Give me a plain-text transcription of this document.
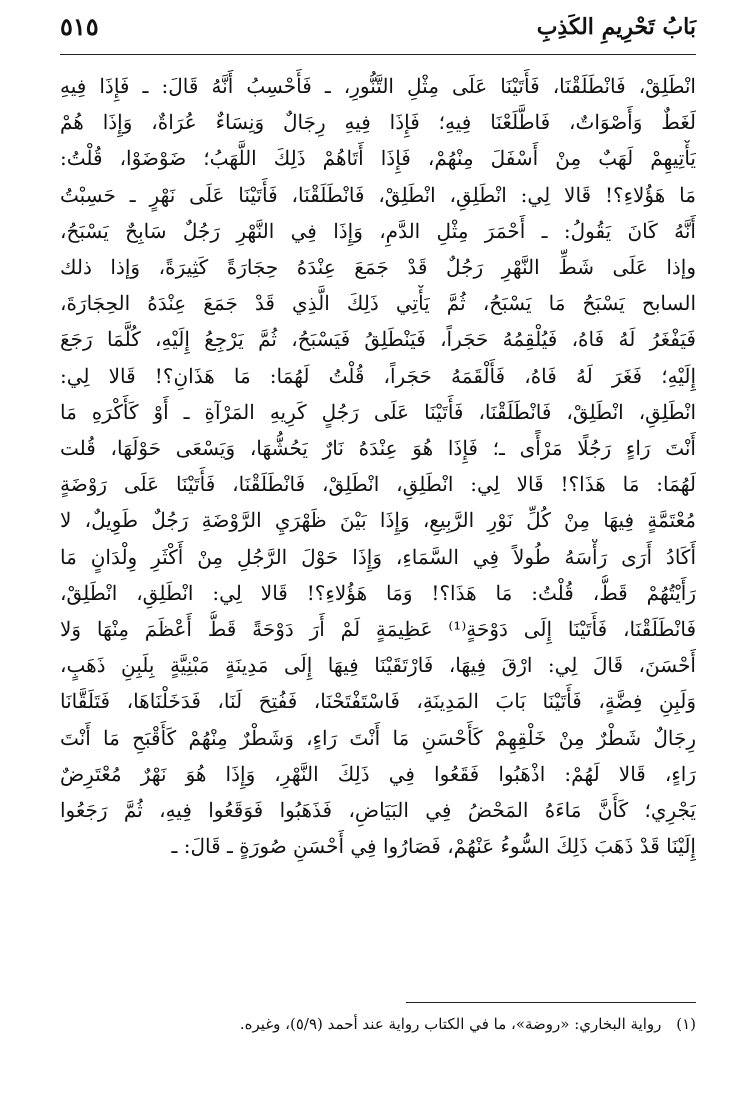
٥١٥	بَابُ تَحْرِيمِ الكَذِبِ
انْطَلِقْ، فَانْطَلَقْنَا، فَأَتَيْنَا عَلَى مِثْلِ التَّنُّورِ، ـ فَأَحْسِبُ أَنَّهُ قَالَ: ـ فَإِذَا فِيهِ
لَغَطٌ وَأَصْوَاتٌ، فَاطَّلَعْنَا فِيهِ؛ فَإِذَا فِيهِ رِجَالٌ وَنِسَاءٌ عُرَاةٌ، وَإِذَا هُمْ
يَأْتِيهِمْ لَهَبٌ مِنْ أَسْفَلَ مِنْهُمْ، فَإِذَا أَتَاهُمْ ذَلِكَ اللَّهَبُ؛ ضَوْضَوْا، قُلْتُ:
مَا هَؤُلاءِ؟! قَالا لِي: انْطَلِقِ، انْطَلِقْ، فَانْطَلَقْنَا، فَأَتَيْنَا عَلَى نَهْرٍ ـ حَسِبْتُ
أَنَّهُ كَانَ يَقُولُ: ـ أَحْمَرَ مِثْلِ الدَّمِ، وَإِذَا فِي النَّهْرِ رَجُلٌ سَابِحٌ يَسْبَحُ،
وإذا عَلَى شَطِّ النَّهْرِ رَجُلٌ قَدْ جَمَعَ عِنْدَهُ حِجَارَةً كَثِيرَةً، وَإذا ذلك
السابح يَسْبَحُ مَا يَسْبَحُ، ثُمَّ يَأْتِي ذَلِكَ الَّذِي قَدْ جَمَعَ عِنْدَهُ الحِجَارَةَ،
فَيَفْغَرُ لَهُ فَاهُ، فَيُلْقِمُهُ حَجَراً، فَيَنْطَلِقُ فَيَسْبَحُ، ثُمَّ يَرْجِعُ إِلَيْهِ، كُلَّمَا رَجَعَ
إِلَيْهِ؛ فَغَرَ لَهُ فَاهُ، فَأَلْقَمَهُ حَجَراً، قُلْتُ لَهُمَا: مَا هَذَانِ؟! قَالا لِي:
انْطَلِقِ، انْطَلِقْ، فَانْطَلَقْنَا، فَأَتَيْنَا عَلَى رَجُلٍ كَرِيهِ المَرْآةِ ـ أَوْ كَأَكْرَهِ مَا
أَنْتَ رَاءٍ رَجُلًا مَرْأًى ـ؛ فَإِذَا هُوَ عِنْدَهُ نَارٌ يَحُشُّهَا، وَيَسْعَى حَوْلَهَا، قُلت
لَهُمَا: مَا هَذَا؟! قَالا لِي: انْطَلِقِ، انْطَلِقْ، فَانْطَلَقْنَا، فَأَتَيْنَا عَلَى رَوْضَةٍ
مُعْتَمَّةٍ فِيهَا مِنْ كُلِّ نَوْرِ الرَّبِيعِ، وَإِذَا بَيْنَ ظَهْرَيِ الرَّوْضَةِ رَجُلٌ طَوِيلٌ، لا
أَكَادُ أَرَى رَأْسَهُ طُولاً فِي السَّمَاءِ، وَإِذَا حَوْلَ الرَّجُلِ مِنْ أَكْثَرِ وِلْدَانٍ مَا
رَأَيْتُهُمْ قَطُّ، قُلْتُ: مَا هَذَا؟! وَمَا هَؤُلاءِ؟! قَالا لِي: انْطَلِقِ، انْطَلِقْ،
فَانْطَلَقْنَا، فَأَتَيْنَا إِلَى دَوْحَةٍ⁽¹⁾ عَظِيمَةٍ لَمْ أَرَ دَوْحَةً قَطُّ أَعْظَمَ مِنْهَا وَلا
أَحْسَنَ، قَالَ لِي: ارْقَ فِيهَا، فَارْتَقَيْنَا فِيهَا إِلَى مَدِينَةٍ مَبْنِيَّةٍ بِلَبِنِ ذَهَبٍ،
وَلَبِنِ فِضَّةٍ، فَأَتَيْنَا بَابَ المَدِينَةِ، فَاسْتَفْتَحْنَا، فَفُتِحَ لَنَا، فَدَخَلْنَاهَا، فَتَلَقَّانَا
رِجَالٌ شَطْرٌ مِنْ خَلْقِهِمْ كَأَحْسَنِ مَا أَنْتَ رَاءٍ، وَشَطْرٌ مِنْهُمْ كَأَقْبَحِ مَا أَنْتَ
رَاءٍ، قَالا لَهُمْ: اذْهَبُوا فَقَعُوا فِي ذَلِكَ النَّهْرِ، وَإِذَا هُوَ نَهْرٌ مُعْتَرِضٌ
يَجْرِي؛ كَأَنَّ مَاءَهُ المَحْضُ فِي البَيَاضِ، فَذَهَبُوا فَوَقَعُوا فِيهِ، ثُمَّ رَجَعُوا
إِلَيْنَا قَدْ ذَهَبَ ذَلِكَ السُّوءُ عَنْهُمْ، فَصَارُوا فِي أَحْسَنِ صُورَةٍ ـ قَالَ: ـ
(١) رواية البخاري: «روضة»، ما في الكتاب رواية عند أحمد (٥/٩)، وغيره.
